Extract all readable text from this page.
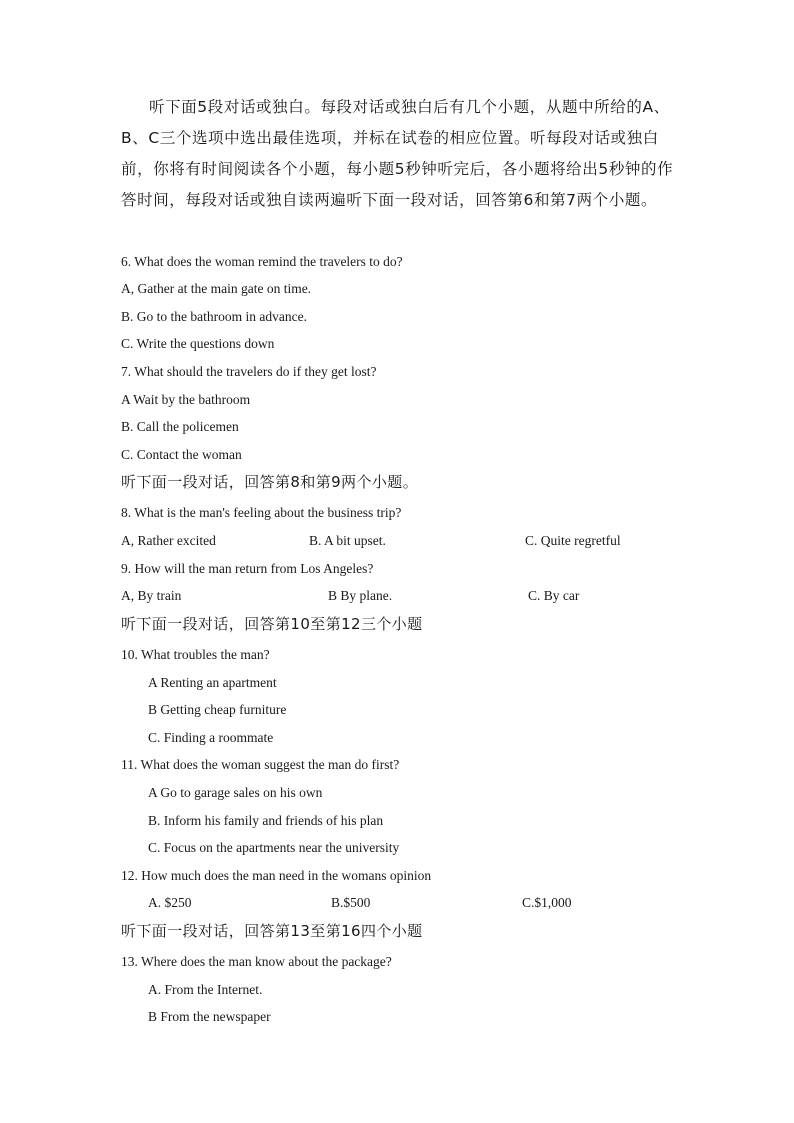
听下面5段对话或独白。每段对话或独白后有几个小题，从题中所给的A、B、C三个选项中选出最佳选项，并标在试卷的相应位置。听每段对话或独白前，你将有时间阅读各个小题，每小题5秒钟听完后，各小题将给出5秒钟的作答时间，每段对话或独自读两遍听下面一段对话，回答第6和第7两个小题。

6. What does the woman remind the travelers to do?
A, Gather at the main gate on time.
B. Go to the bathroom in advance.
C. Write the questions down
7. What should the travelers do if they get lost?
A Wait by the bathroom
B. Call the policemen
C. Contact the woman
听下面一段对话，回答第8和第9两个小题。
8. What is the man's feeling about the business trip?
A, Rather excited	B. A bit upset.	C. Quite regretful
9. How will the man return from Los Angeles?
A, By train	B By plane.	C. By car
听下面一段对话，回答第10至第12三个小题
10. What troubles the man?
A Renting an apartment
B Getting cheap furniture
C. Finding a roommate
11. What does the woman suggest the man do first?
A Go to garage sales on his own
B. Inform his family and friends of his plan
C. Focus on the apartments near the university
12. How much does the man need in the womans opinion
A. $250	B.$500	C.$1,000
听下面一段对话，回答第13至第16四个小题
13. Where does the man know about the package?
A. From the Internet.
B From the newspaper
